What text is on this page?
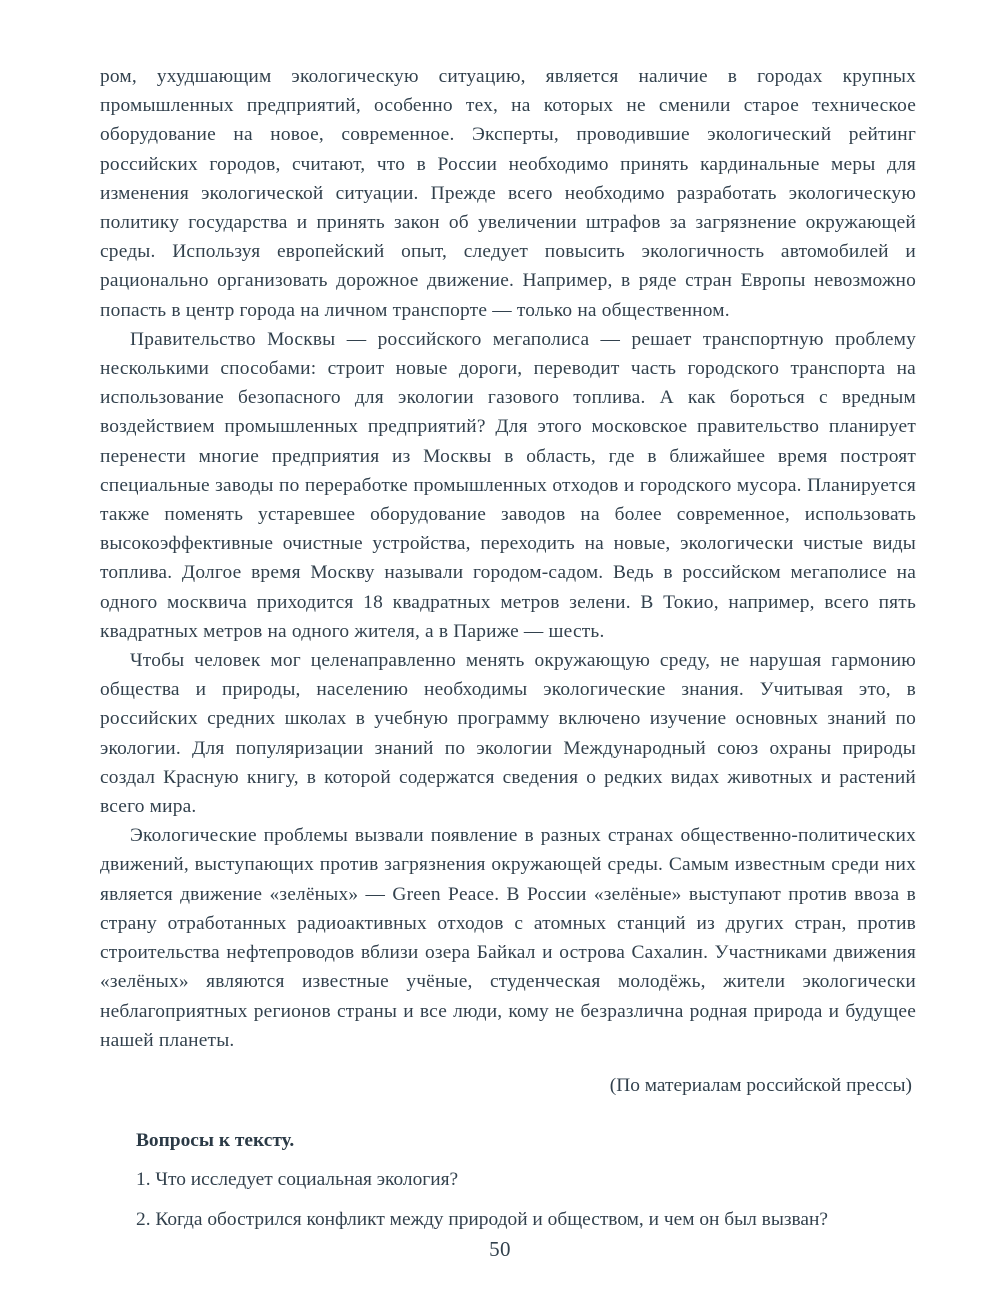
ром, ухудшающим экологическую ситуацию, является наличие в городах крупных промышленных предприятий, особенно тех, на которых не сменили старое техническое оборудование на новое, современное. Эксперты, проводившие экологический рейтинг российских городов, считают, что в России необходимо принять кардинальные меры для изменения экологической ситуации. Прежде всего необходимо разработать экологическую политику государства и принять закон об увеличении штрафов за загрязнение окружающей среды. Используя европейский опыт, следует повысить экологичность автомобилей и рационально организовать дорожное движение. Например, в ряде стран Европы невозможно попасть в центр города на личном транспорте — только на общественном.

Правительство Москвы — российского мегаполиса — решает транспортную проблему несколькими способами: строит новые дороги, переводит часть городского транспорта на использование безопасного для экологии газового топлива. А как бороться с вредным воздействием промышленных предприятий? Для этого московское правительство планирует перенести многие предприятия из Москвы в область, где в ближайшее время построят специальные заводы по переработке промышленных отходов и городского мусора. Планируется также поменять устаревшее оборудование заводов на более современное, использовать высокоэффективные очистные устройства, переходить на новые, экологически чистые виды топлива. Долгое время Москву называли городом-садом. Ведь в российском мегаполисе на одного москвича приходится 18 квадратных метров зелени. В Токио, например, всего пять квадратных метров на одного жителя, а в Париже — шесть.

Чтобы человек мог целенаправленно менять окружающую среду, не нарушая гармонию общества и природы, населению необходимы экологические знания. Учитывая это, в российских средних школах в учебную программу включено изучение основных знаний по экологии. Для популяризации знаний по экологии Международный союз охраны природы создал Красную книгу, в которой содержатся сведения о редких видах животных и растений всего мира.

Экологические проблемы вызвали появление в разных странах общественно-политических движений, выступающих против загрязнения окружающей среды. Самым известным среди них является движение «зелёных» — Green Peace. В России «зелёные» выступают против ввоза в страну отработанных радиоактивных отходов с атомных станций из других стран, против строительства нефтепроводов вблизи озера Байкал и острова Сахалин. Участниками движения «зелёных» являются известные учёные, студенческая молодёжь, жители экологически неблагоприятных регионов страны и все люди, кому не безразлична родная природа и будущее нашей планеты.

(По материалам российской прессы)
Вопросы к тексту.
1. Что исследует социальная экология?
2. Когда обострился конфликт между природой и обществом, и чем он был вызван?
50
